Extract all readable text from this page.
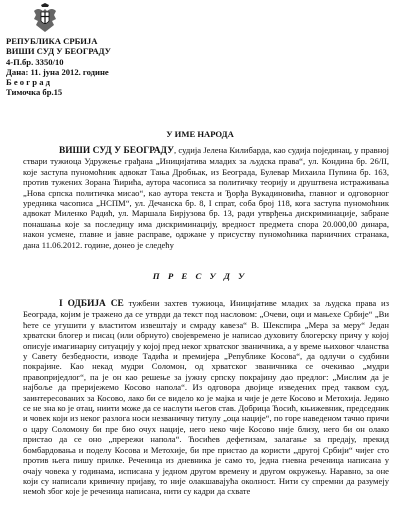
РЕПУБЛИКА СРБИЈА
ВИШИ СУД У БЕОГРАДУ
4-П.бр. 3350/10
Дана: 11. јуна 2012. године
Б е о г р а д
Тимочка бр.15
У ИМЕ НАРОДА

ВИШИ СУД У БЕОГРАДУ, судија Јелена Килибарда, као судија појединац, у правној ствари тужиоца Удружење грађана „Иницијатива младих за људска права“, ул. Кондина бр. 26/II, које заступа пуномоћник адвокат Тања Дробњак, из Београда, Булевар Михаила Пупина бр. 163, против тужених Зорана Ћирића, аутора часописа за политичку теорију и друштвена истраживања „Нова српска политичка мисао“, као аутора текста и Ђорђа Вукадиновића, главног и одговорног уредника часописа „НСПМ“, ул. Дечанска бр. 8, I спрат, соба број 118, кога заступа пуномоћник адвокат Миленко Радић, ул. Маршала Бирјузова бр. 13, ради утврђења дискриминације, забране понашања које за последицу има дискриминацију, вредност предмета спора 20.000,00 динара, након усмене, главне и јавне расправе, одржане у присуству пуномоћника парничних странака, дана 11.06.2012. године, донео је следећу

П Р Е С У Д У

I ОДБИЈА СЕ тужбени захтев тужиоца, Иницијативе младих за људска права из Београда, којим је тражено да се утврди да текст под насловом: „Очеви, оци и мањеxе Србије“ „Ви ћете се угушити у властитом извештају и смраду кавеза“ В. Шекспира „Мера за меру“ Један хрватски блогер и писац (или обрнуто) својевремено је написао духовиту блогерску причу у којој описује имагинарну ситуацију у којој пред неког хрватског званичника, а у време њиховог чланства у Савету безбедности, изводе Тадића и премијера „Републике Косова“, да одлучи о судбини покрајине. Као некад мудри Соломон, од хрватског званичника се очекивао „мудри правоприједлог“, па је он као решење за јужну српску покрајину дао предлог: „Мислим да је најбоље да преријежемо Косово напола“. Из одговора двојице изведених пред таквом суд, заинтересованих за Косово, лако би се видело ко је мајка и чије је дете Косово и Метохија. Једино се не зна ко је отац, ниити може да се наслути његов став. Добрица Ћосић, књижевник, председник и човек који из неког разлога носи незваничну титулу „оца нације“, по горе наведеном тачно причи о цару Соломону би пре био очух нације, него неко чије Косово није близу, него би он олако пристао да се оно „прережи напола“. Ћосићев дефетизам, залагање за предају, прекид бомбардовања и поделу Косова и Метохије, би пре пристао да користи „другој Србији“ чијег сто против њега пишу прилке. Реченица из дневника је само то, једна гневна реченица написана у очају човека у годинама, исписана у једном другом времену и другом окружењу. Наравно, за оне који су написали кривичну пријаву, то није олакшавајућа околност. Нити су спремни да разумеју немоћ због које је реченица написана, нити су кадри да схвате
